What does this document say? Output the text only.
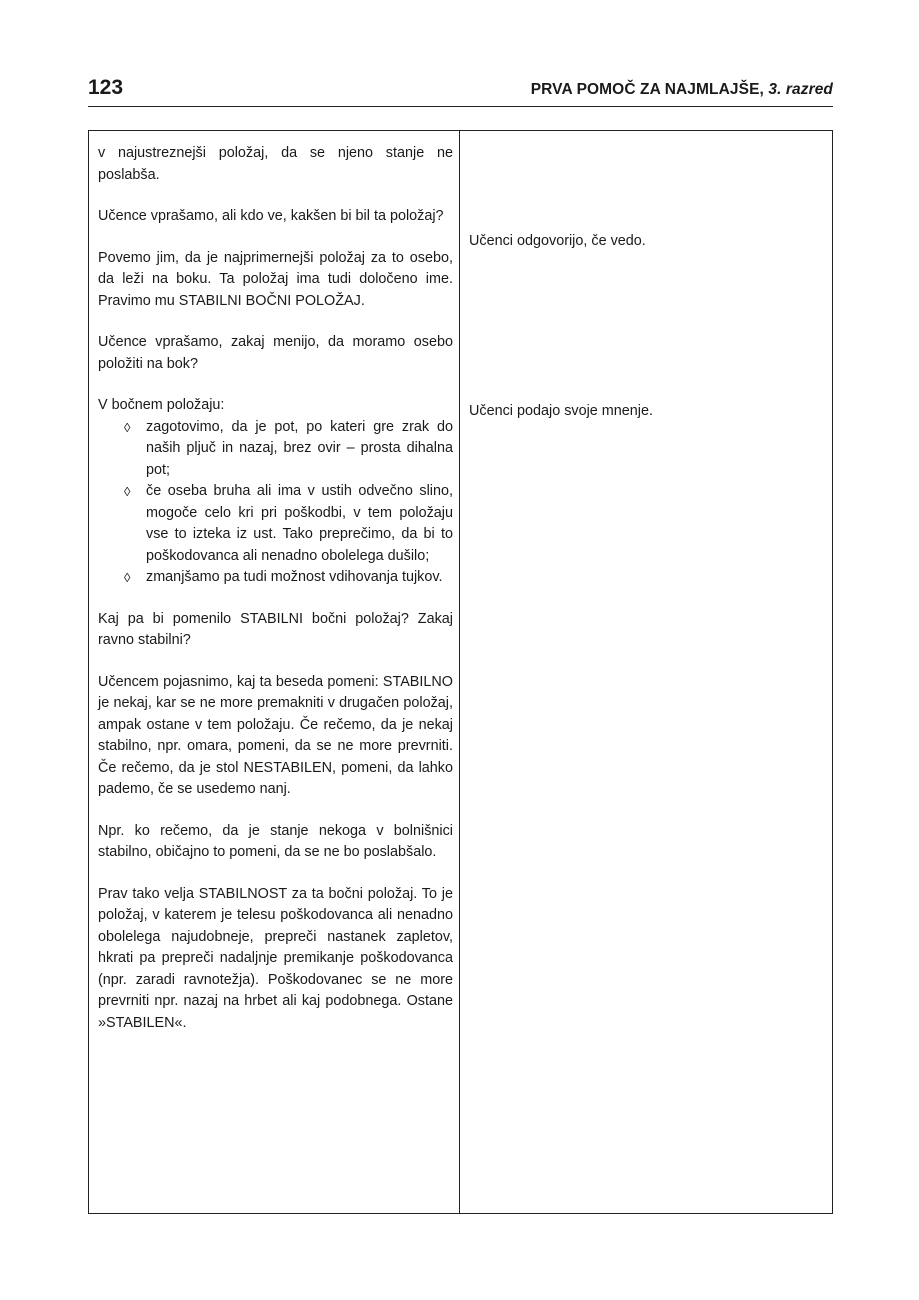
123	PRVA POMOČ ZA NAJMLAJŠE, 3. razred

v najustreznejši položaj, da se njeno stanje ne poslabša.

Učence vprašamo, ali kdo ve, kakšen bi bil ta položaj?

Povemo jim, da je najprimernejši položaj za to osebo, da leži na boku. Ta položaj ima tudi določeno ime. Pravimo mu STABILNI BOČNI POLOŽAJ.

Učence vprašamo, zakaj menijo, da moramo osebo položiti na bok?

V bočnem položaju:

◊ zagotovimo, da je pot, po kateri gre zrak do naših pljuč in nazaj, brez ovir – prosta dihalna pot;
◊ če oseba bruha ali ima v ustih odvečno slino, mogoče celo kri pri poškodbi, v tem položaju vse to izteka iz ust. Tako preprečimo, da bi to poškodovanca ali nenadno obolelega dušilo;
◊ zmanjšamo pa tudi možnost vdihovanja tujkov.

Kaj pa bi pomenilo STABILNI bočni položaj? Zakaj ravno stabilni?

Učencem pojasnimo, kaj ta beseda pomeni: STABILNO je nekaj, kar se ne more premakniti v drugačen položaj, ampak ostane v tem položaju. Če rečemo, da je nekaj stabilno, npr. omara, pomeni, da se ne more prevrniti. Če rečemo, da je stol NESTABILEN, pomeni, da lahko pademo, če se usedemo nanj.

Npr. ko rečemo, da je stanje nekoga v bolnišnici stabilno, običajno to pomeni, da se ne bo poslabšalo.

Prav tako velja STABILNOST za ta bočni položaj. To je položaj, v katerem je telesu poškodovanca ali nenadno obolelega najudobneje, prepreči nastanek zapletov, hkrati pa prepreči nadaljnje premikanje poškodovanca (npr. zaradi ravnotežja). Poškodovanec se ne more prevrniti npr. nazaj na hrbet ali kaj podobnega. Ostane »STABILEN«.

Učenci odgovorijo, če vedo.
Učenci podajo svoje mnenje.
